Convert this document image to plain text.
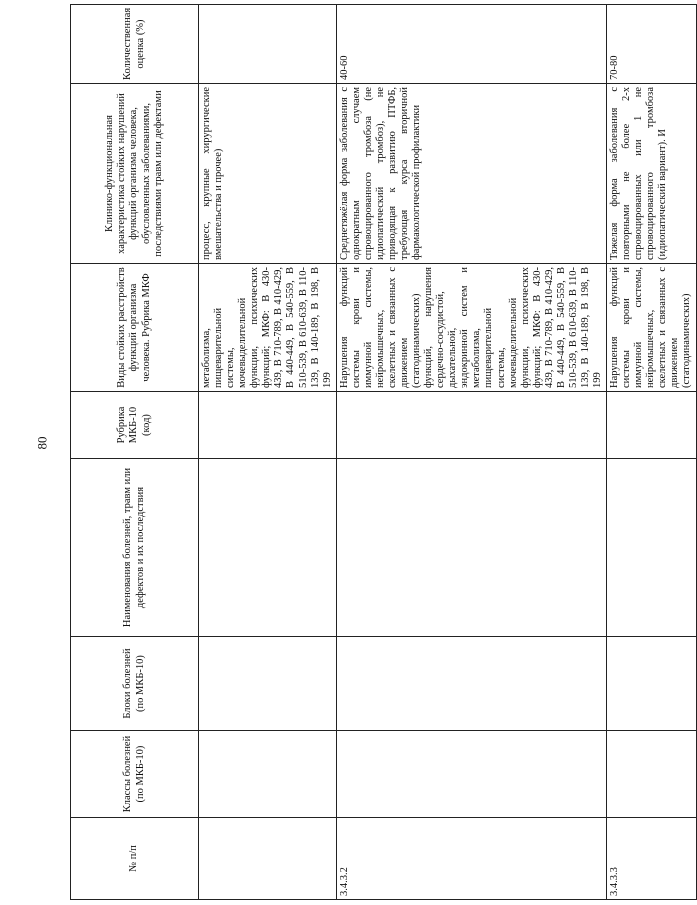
80
№ п/п	Классы болезней (по МКБ-10)	Блоки болезней (по МКБ-10)	Наименования болезней, травм или дефектов и их последствия	Рубрика МКБ-10 (код)	Виды стойких расстройств функций организма человека. Рубрика МКФ	Клинико-функциональная характеристика стойких нарушений функций организма человека, обусловленных заболеваниями, последствиями травм или дефектами	Количественная оценка (%)
					метаболизма, пищеварительной системы, мочевыделительной функции, психических функций; МКФ: В 430-439, В 710-789, В 410-429, В 440-449, В 540-559, В 510-539, В 610-639, В 110-139, В 140-189, В 198, В 199	процесс, крупные хирургические вмешательства и прочее)	
3.4.3.2					Нарушения функций системы крови и иммунной системы, нейромышечных, скелетных и связанных с движением (статодинамических) функций, нарушения сердечно-сосудистой, дыхательной, эндокринной систем и метаболизма, пищеварительной системы, мочевыделительной функции, психических функций; МКФ: В 430-439, В 710-789, В 410-429, В 440-449, В 540-559, В 510-539, В 610-639, В 110-139, В 140-189, В 198, В 199	Среднетяжёлая форма заболевания с однократным случаем спровоцированного тромбоза (не идиопатический тромбоз), не приводящая к развитию ПТФБ, требующая курса вторичной фармакологической профилактики	40-60
3.4.3.3					Нарушения функций системы крови и иммунной системы, нейромышечных, скелетных и связанных с движением (статодинамических)	Тяжелая форма заболевания с повторными не более 2-х спровоцированных или 1 не спровоцированного тромбоза (идиопатический вариант). И	70-80
